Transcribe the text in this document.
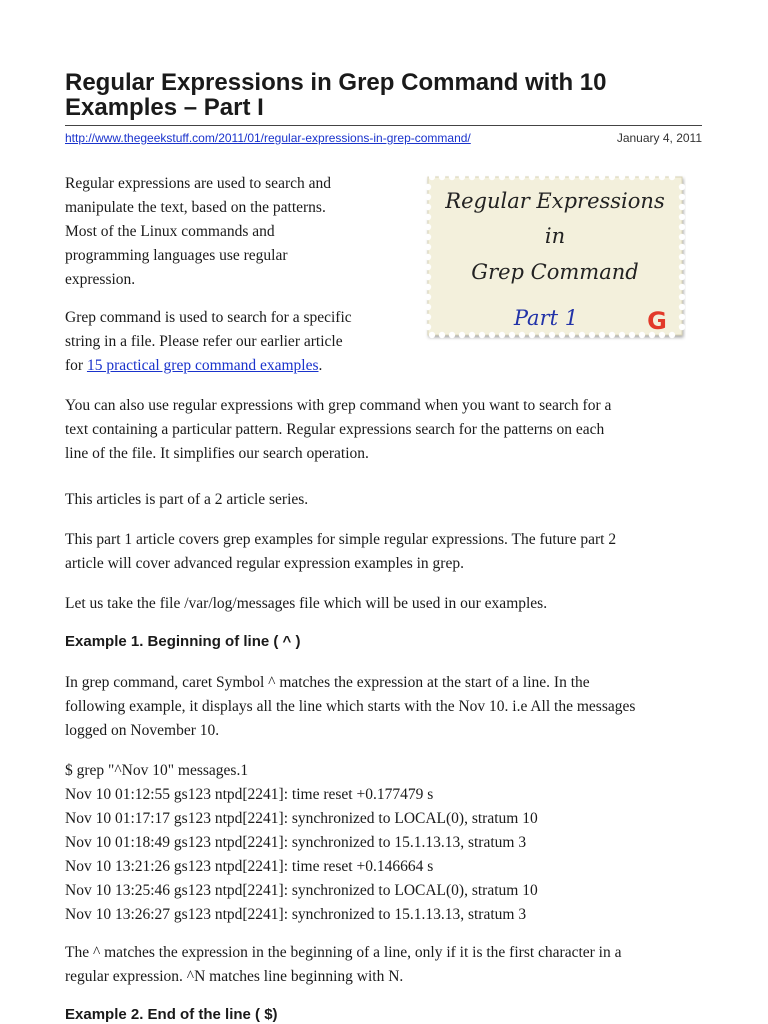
Regular Expressions in Grep Command with 10 Examples – Part I
http://www.thegeekstuff.com/2011/01/regular-expressions-in-grep-command/	January 4, 2011
Regular Expressions
in
Grep Command
Part 1	G

Regular expressions are used to search and
manipulate the text, based on the patterns.
Most of the Linux commands and
programming languages use regular
expression.

Grep command is used to search for a specific
string in a file. Please refer our earlier article
for 15 practical grep command examples.

You can also use regular expressions with grep command when you want to search for a
text containing a particular pattern. Regular expressions search for the patterns on each
line of the file. It simplifies our search operation.

This articles is part of a 2 article series.

This part 1 article covers grep examples for simple regular expressions. The future part 2
article will cover advanced regular expression examples in grep.

Let us take the file /var/log/messages file which will be used in our examples.

Example 1. Beginning of line ( ^ )

In grep command, caret Symbol ^ matches the expression at the start of a line. In the
following example, it displays all the line which starts with the Nov 10. i.e All the messages
logged on November 10.

$ grep "^Nov 10" messages.1
Nov 10 01:12:55 gs123 ntpd[2241]: time reset +0.177479 s
Nov 10 01:17:17 gs123 ntpd[2241]: synchronized to LOCAL(0), stratum 10
Nov 10 01:18:49 gs123 ntpd[2241]: synchronized to 15.1.13.13, stratum 3
Nov 10 13:21:26 gs123 ntpd[2241]: time reset +0.146664 s
Nov 10 13:25:46 gs123 ntpd[2241]: synchronized to LOCAL(0), stratum 10
Nov 10 13:26:27 gs123 ntpd[2241]: synchronized to 15.1.13.13, stratum 3

The ^ matches the expression in the beginning of a line, only if it is the first character in a
regular expression. ^N matches line beginning with N.

Example 2. End of the line ( $)
